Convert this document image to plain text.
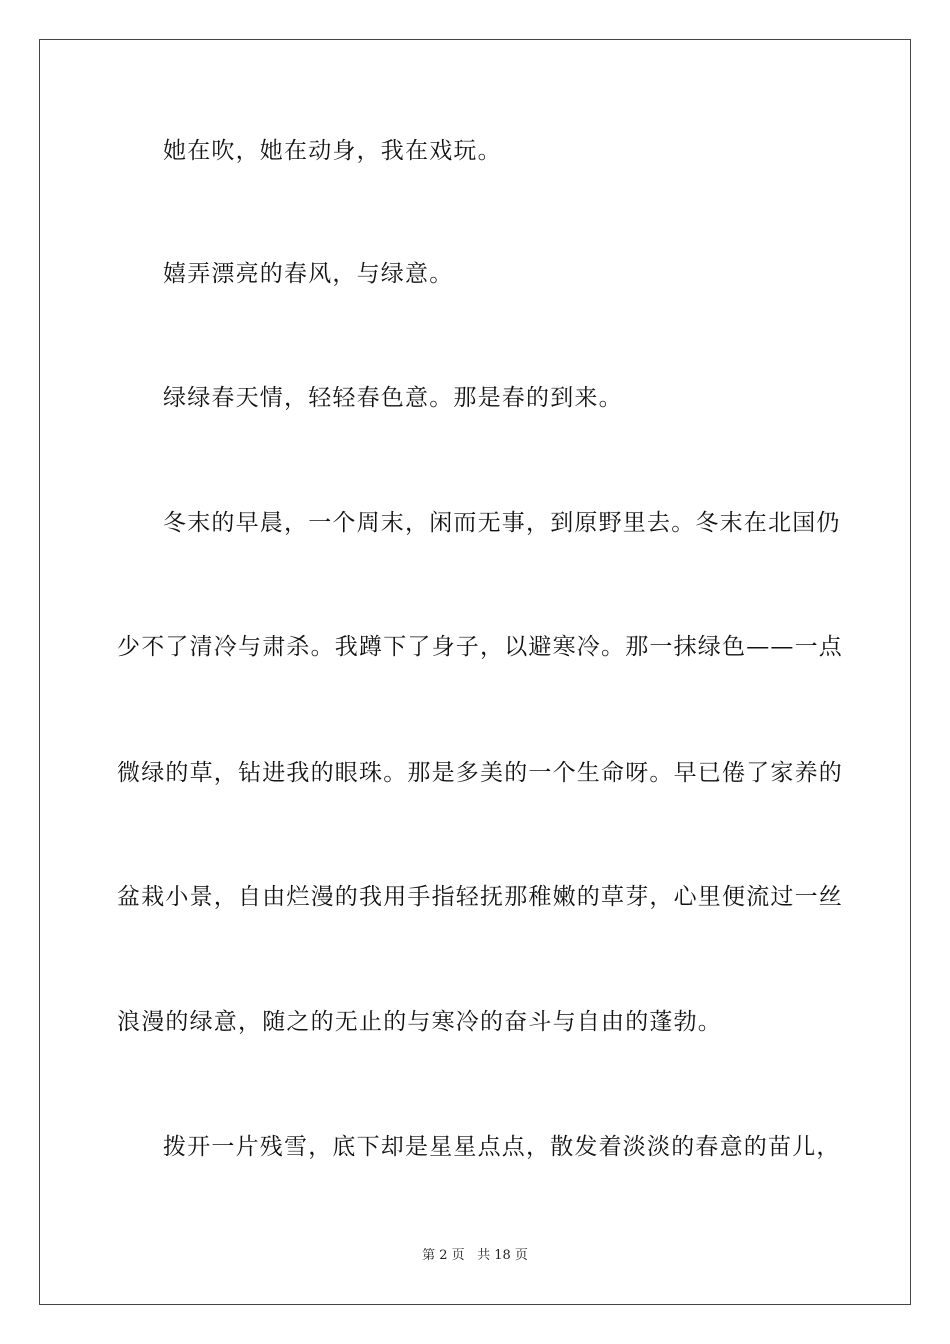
她在吹，她在动身，我在戏玩。
嬉弄漂亮的春风，与绿意。
绿绿春天情，轻轻春色意。那是春的到来。
冬末的早晨，一个周末，闲而无事，到原野里去。冬末在北国仍
少不了清冷与肃杀。我蹲下了身子，以避寒冷。那一抹绿色——一点
微绿的草，钻进我的眼珠。那是多美的一个生命呀。早已倦了家养的
盆栽小景，自由烂漫的我用手指轻抚那稚嫩的草芽，心里便流过一丝
浪漫的绿意，随之的无止的与寒冷的奋斗与自由的蓬勃。
拨开一片残雪，底下却是星星点点，散发着淡淡的春意的苗儿，
第 2 页 共 18 页
